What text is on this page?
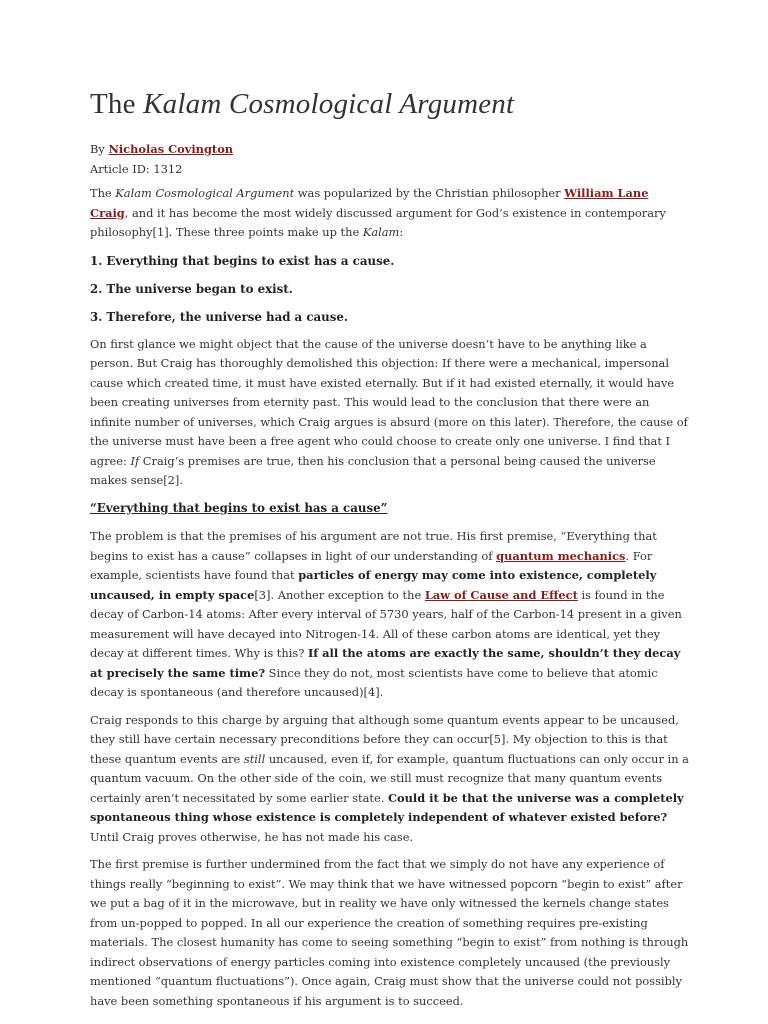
The Kalam Cosmological Argument
By Nicholas Covington
Article ID: 1312

The Kalam Cosmological Argument was popularized by the Christian philosopher William Lane Craig, and it has become the most widely discussed argument for God’s existence in contemporary philosophy[1]. These three points make up the Kalam:

1. Everything that begins to exist has a cause.

2. The universe began to exist.

3. Therefore, the universe had a cause.

On first glance we might object that the cause of the universe doesn’t have to be anything like a person. But Craig has thoroughly demolished this objection: If there were a mechanical, impersonal cause which created time, it must have existed eternally. But if it had existed eternally, it would have been creating universes from eternity past. This would lead to the conclusion that there were an infinite number of universes, which Craig argues is absurd (more on this later). Therefore, the cause of the universe must have been a free agent who could choose to create only one universe. I find that I agree: If Craig’s premises are true, then his conclusion that a personal being caused the universe makes sense[2].

“Everything that begins to exist has a cause”

The problem is that the premises of his argument are not true. His first premise, “Everything that begins to exist has a cause” collapses in light of our understanding of quantum mechanics. For example, scientists have found that particles of energy may come into existence, completely uncaused, in empty space[3]. Another exception to the Law of Cause and Effect is found in the decay of Carbon-14 atoms: After every interval of 5730 years, half of the Carbon-14 present in a given measurement will have decayed into Nitrogen-14. All of these carbon atoms are identical, yet they decay at different times. Why is this? If all the atoms are exactly the same, shouldn’t they decay at precisely the same time? Since they do not, most scientists have come to believe that atomic decay is spontaneous (and therefore uncaused)[4].

Craig responds to this charge by arguing that although some quantum events appear to be uncaused, they still have certain necessary preconditions before they can occur[5]. My objection to this is that these quantum events are still uncaused, even if, for example, quantum fluctuations can only occur in a quantum vacuum. On the other side of the coin, we still must recognize that many quantum events certainly aren’t necessitated by some earlier state. Could it be that the universe was a completely spontaneous thing whose existence is completely independent of whatever existed before? Until Craig proves otherwise, he has not made his case.

The first premise is further undermined from the fact that we simply do not have any experience of things really “beginning to exist”. We may think that we have witnessed popcorn “begin to exist” after we put a bag of it in the microwave, but in reality we have only witnessed the kernels change states from un-popped to popped. In all our experience the creation of something requires pre-existing materials. The closest humanity has come to seeing something “begin to exist” from nothing is through indirect observations of energy particles coming into existence completely uncaused (the previously mentioned “quantum fluctuations”). Once again, Craig must show that the universe could not possibly have been something spontaneous if his argument is to succeed.
